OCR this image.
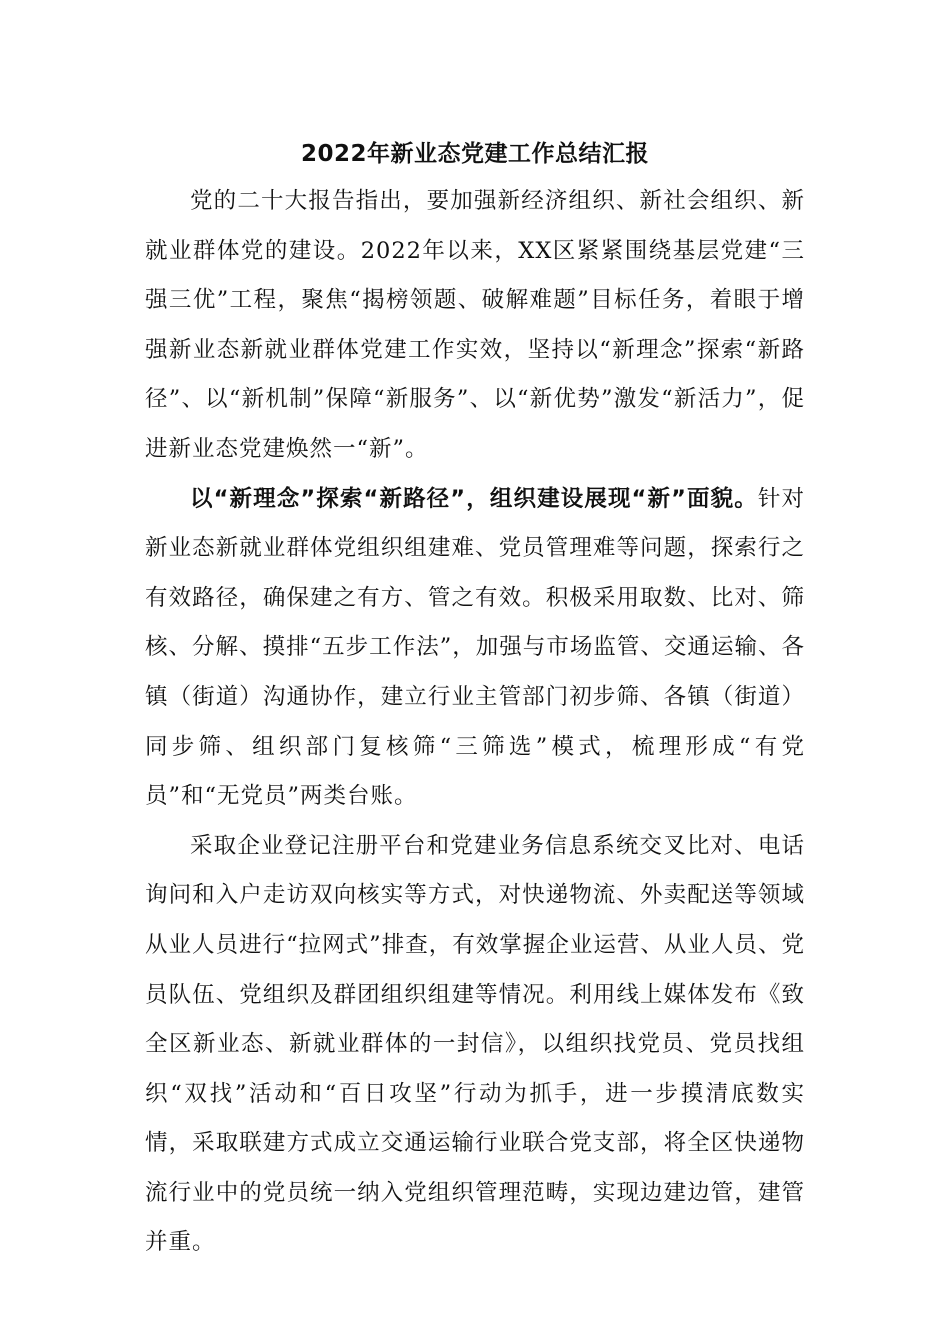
2022年新业态党建工作总结汇报

党的二十大报告指出，要加强新经济组织、新社会组织、新就业群体党的建设。2022年以来，XX区紧紧围绕基层党建“三强三优”工程，聚焦“揭榜领题、破解难题”目标任务，着眼于增强新业态新就业群体党建工作实效，坚持以“新理念”探索“新路径”、以“新机制”保障“新服务”、以“新优势”激发“新活力”，促进新业态党建焕然一“新”。

以“新理念”探索“新路径”，组织建设展现“新”面貌。针对新业态新就业群体党组织组建难、党员管理难等问题，探索行之有效路径，确保建之有方、管之有效。积极采用取数、比对、筛核、分解、摸排“五步工作法”，加强与市场监管、交通运输、各镇（街道）沟通协作，建立行业主管部门初步筛、各镇（街道）同步筛、组织部门复核筛“三筛选”模式，梳理形成“有党员”和“无党员”两类台账。

采取企业登记注册平台和党建业务信息系统交叉比对、电话询问和入户走访双向核实等方式，对快递物流、外卖配送等领域从业人员进行“拉网式”排查，有效掌握企业运营、从业人员、党员队伍、党组织及群团组织组建等情况。利用线上媒体发布《致全区新业态、新就业群体的一封信》，以组织找党员、党员找组织“双找”活动和“百日攻坚”行动为抓手，进一步摸清底数实情，采取联建方式成立交通运输行业联合党支部，将全区快递物流行业中的党员统一纳入党组织管理范畴，实现边建边管，建管并重。
